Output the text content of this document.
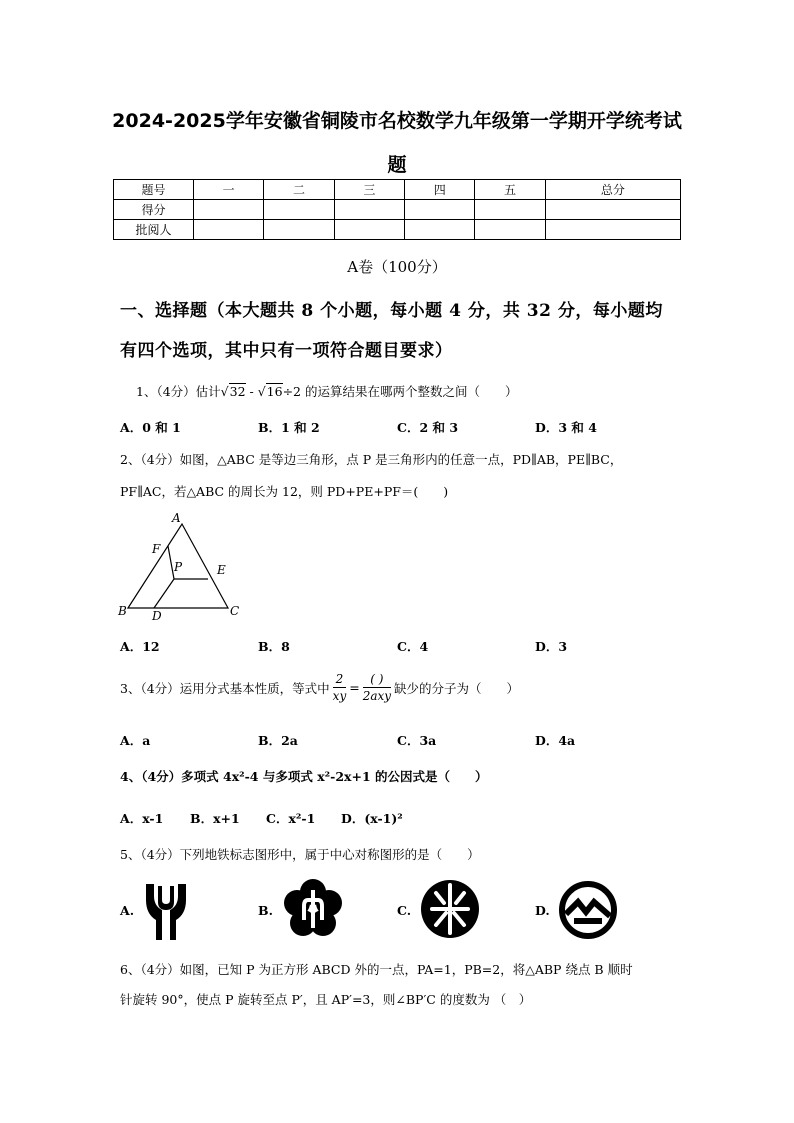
2024-2025学年安徽省铜陵市名校数学九年级第一学期开学统考试
题
题号	一	二	三	四	五	总分
得分						
批阅人						
A卷（100分）
一、选择题（本大题共 8 个小题，每小题 4 分，共 32 分，每小题均
有四个选项，其中只有一项符合题目要求）
1、（4分）估计√32 - √16÷2 的运算结果在哪两个整数之间（　　）
A．0 和 1	B．1 和 2	C．2 和 3	D．3 和 4
2、（4分）如图，△ABC 是等边三角形，点 P 是三角形内的任意一点，PD∥AB，PE∥BC，
PF∥AC，若△ABC 的周长为 12，则 PD+PE+PF＝(　　)
A
F
P	E
B D	C
A．12	B．8	C．4	D．3
3、（4分）运用分式基本性质，等式中 $\frac{2}{xy} = \frac{( )}{\text{2axy}}$ 缺少的分子为（　　）
A．a	B．2a	C．3a	D．4a
4、（4分）多项式 4x²-4 与多项式 x²-2x+1 的公因式是（　　）
A．x-1 B．x+1 C．x²-1 D．(x-1)²
5、（4分）下列地铁标志图形中，属于中心对称图形的是（　　）
A.	B.	C.	D.
6、（4分）如图，已知 P 为正方形 ABCD 外的一点，PA=1，PB=2，将△ABP 绕点 B 顺时
针旋转 90°，使点 P 旋转至点 P′，且 AP′=3，则∠BP′C 的度数为 （　）
